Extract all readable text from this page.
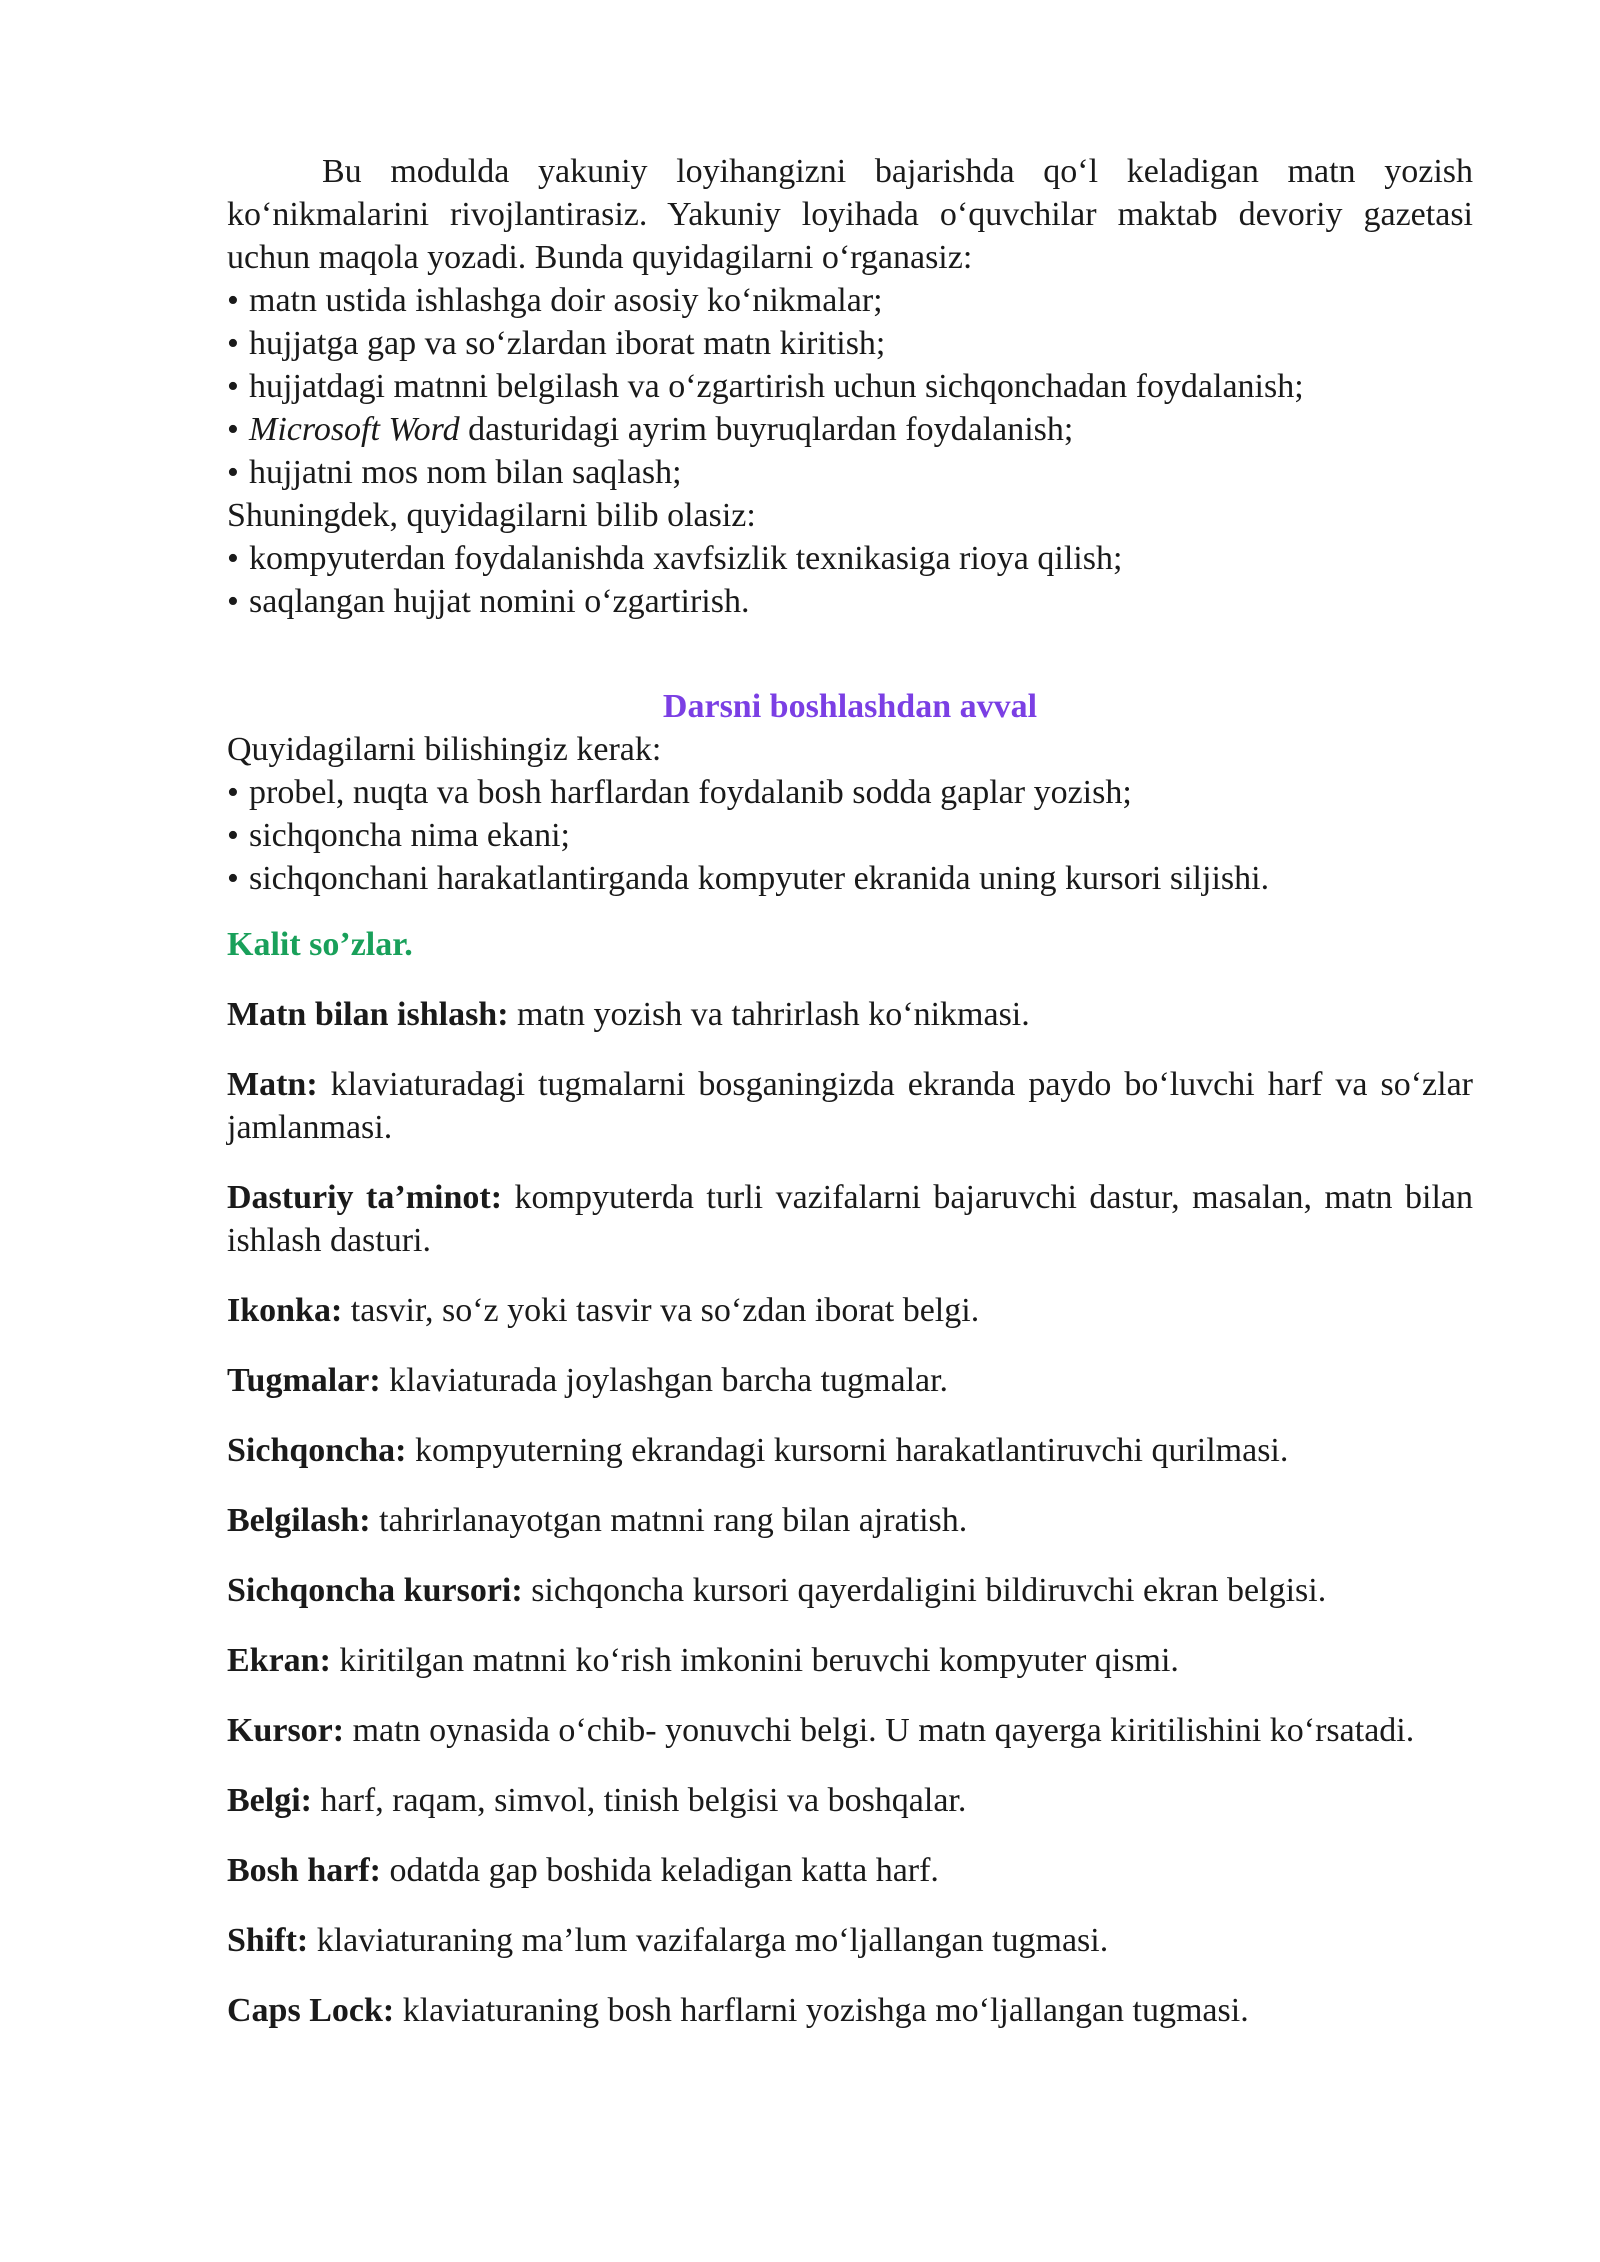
Bu modulda yakuniy loyihangizni bajarishda qo‘l keladigan matn yozish ko‘nikmalarini rivojlantirasiz. Yakuniy loyihada o‘quvchilar maktab devoriy gazetasi uchun maqola yozadi. Bunda quyidagilarni o‘rganasiz:

• matn ustida ishlashga doir asosiy ko‘nikmalar;
• hujjatga gap va so‘zlardan iborat matn kiritish;
• hujjatdagi matnni belgilash va o‘zgartirish uchun sichqonchadan foydalanish;
• Microsoft Word dasturidagi ayrim buyruqlardan foydalanish;
• hujjatni mos nom bilan saqlash;

Shuningdek, quyidagilarni bilib olasiz:

• kompyuterdan foydalanishda xavfsizlik texnikasiga rioya qilish;
• saqlangan hujjat nomini o‘zgartirish.

Darsni boshlashdan avval

Quyidagilarni bilishingiz kerak:

• probel, nuqta va bosh harflardan foydalanib sodda gaplar yozish;
• sichqoncha nima ekani;
• sichqonchani harakatlantirganda kompyuter ekranida uning kursori siljishi.

Kalit so’zlar.

Matn bilan ishlash: matn yozish va tahrirlash ko‘nikmasi.

Matn: klaviaturadagi tugmalarni bosganingizda ekranda paydo bo‘luvchi harf va so‘zlar jamlanmasi.

Dasturiy ta’minot: kompyuterda turli vazifalarni bajaruvchi dastur, masalan, matn bilan ishlash dasturi.

Ikonka: tasvir, so‘z yoki tasvir va so‘zdan iborat belgi.

Tugmalar: klaviaturada joylashgan barcha tugmalar.

Sichqoncha: kompyuterning ekrandagi kursorni harakatlantiruvchi qurilmasi.

Belgilash: tahrirlanayotgan matnni rang bilan ajratish.

Sichqoncha kursori: sichqoncha kursori qayerdaligini bildiruvchi ekran belgisi.

Ekran: kiritilgan matnni ko‘rish imkonini beruvchi kompyuter qismi.

Kursor: matn oynasida o‘chib- yonuvchi belgi. U matn qayerga kiritilishini ko‘rsatadi.

Belgi: harf, raqam, simvol, tinish belgisi va boshqalar.

Bosh harf: odatda gap boshida keladigan katta harf.

Shift: klaviaturaning ma’lum vazifalarga mo‘ljallangan tugmasi.

Caps Lock: klaviaturaning bosh harflarni yozishga mo‘ljallangan tugmasi.
